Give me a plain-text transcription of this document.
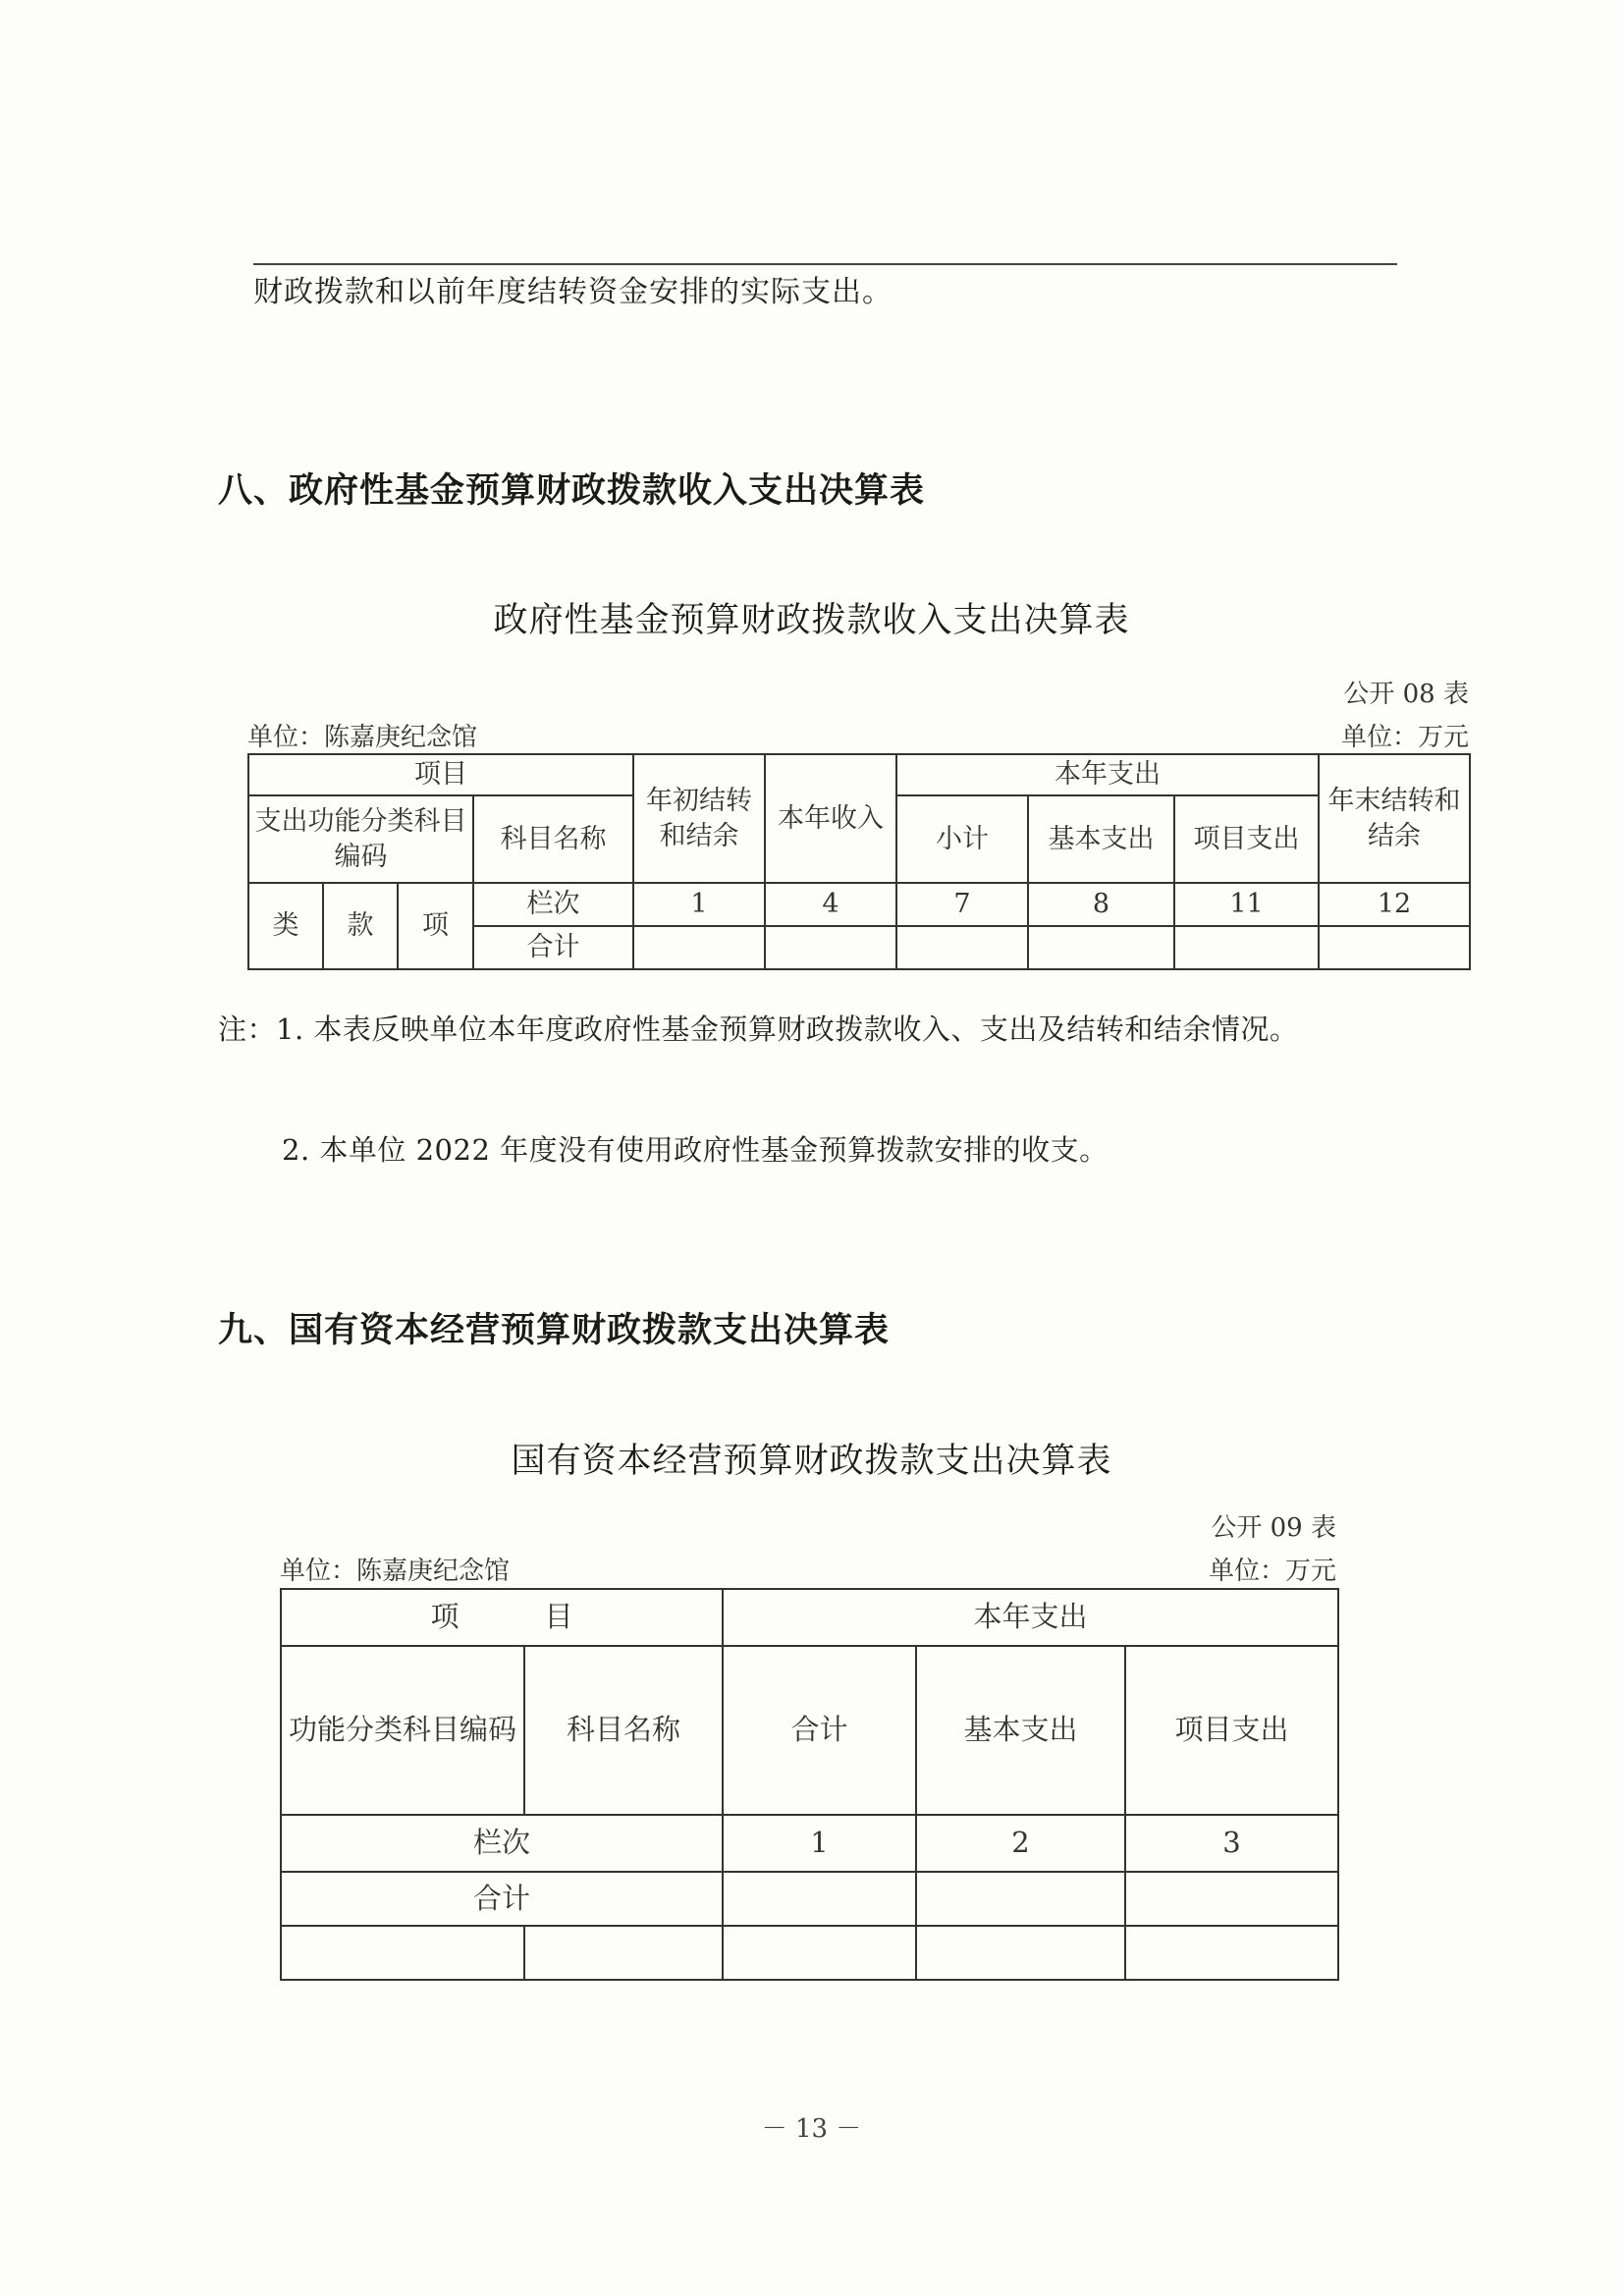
财政拨款和以前年度结转资金安排的实际支出。
八、政府性基金预算财政拨款收入支出决算表
政府性基金预算财政拨款收入支出决算表
公开 08 表
单位：陈嘉庚纪念馆	单位：万元
项目				年初结转和结余	本年收入	本年支出			年末结转和结余
支出功能分类科目编码			科目名称			小计	基本支出	项目支出	
类	款	项	栏次	1	4	7	8	11	12
			合计						
注：1. 本表反映单位本年度政府性基金预算财政拨款收入、支出及结转和结余情况。
2. 本单位 2022 年度没有使用政府性基金预算拨款安排的收支。
九、国有资本经营预算财政拨款支出决算表
国有资本经营预算财政拨款支出决算表
公开 09 表
单位：陈嘉庚纪念馆	单位：万元
项　　　目		本年支出		
功能分类科目编码	科目名称	合计	基本支出	项目支出
栏次		1	2	3
合计				

－ 13 －
